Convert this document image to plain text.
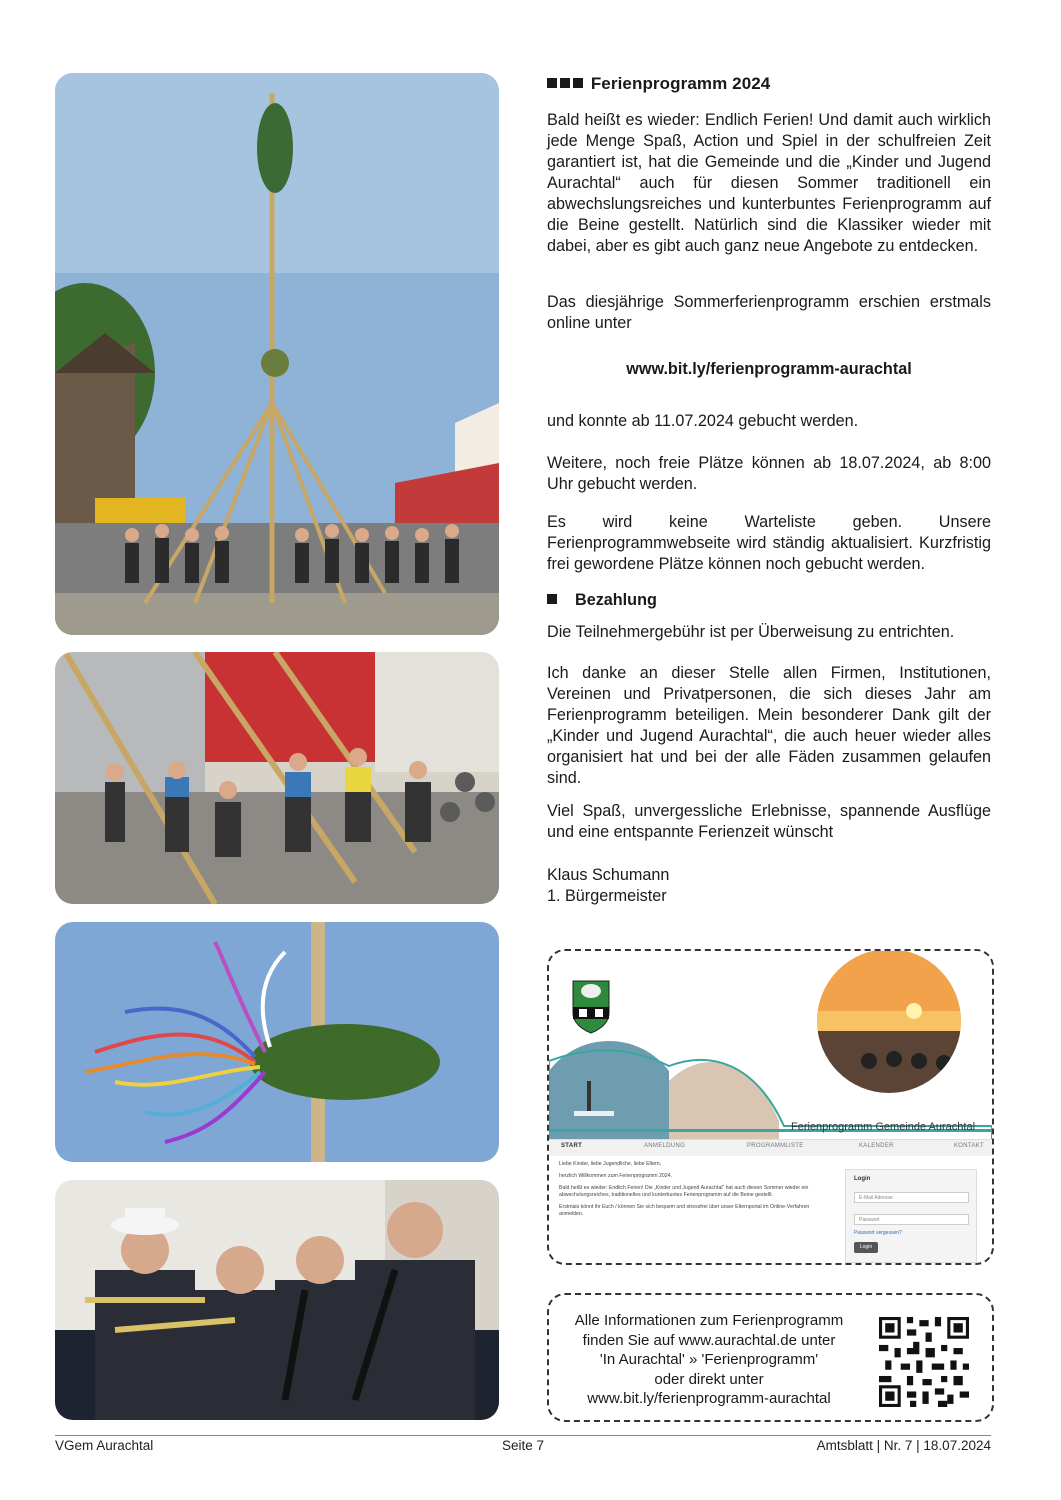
Ferienprogramm 2024

Bald heißt es wieder: Endlich Ferien! Und damit auch wirklich jede Menge Spaß, Action und Spiel in der schulfreien Zeit garantiert ist, hat die Gemeinde und die „Kinder und Jugend Aurachtal“ auch für diesen Sommer traditionell ein abwechslungsreiches und kunterbuntes Ferienprogramm auf die Beine gestellt. Natürlich sind die Klassiker wieder mit dabei, aber es gibt auch ganz neue Angebote zu entdecken.

Das diesjährige Sommerferienprogramm erschien erstmals online unter

www.bit.ly/ferienprogramm-aurachtal

und konnte ab 11.07.2024 gebucht werden.

Weitere, noch freie Plätze können ab 18.07.2024, ab 8:00 Uhr gebucht werden.

Es wird keine Warteliste geben. Unsere Ferienprogrammwebseite wird ständig aktualisiert. Kurzfristig frei gewordene Plätze können noch gebucht werden.

Bezahlung

Die Teilnehmergebühr ist per Überweisung zu entrichten.

Ich danke an dieser Stelle allen Firmen, Institutionen, Vereinen und Privatpersonen, die sich dieses Jahr am Ferienprogramm beteiligen. Mein besonderer Dank gilt der „Kinder und Jugend Aurachtal“, die auch heuer wieder alles organisiert hat und bei der alle Fäden zusammen gelaufen sind.

Viel Spaß, unvergessliche Erlebnisse, spannende Ausflüge und eine entspannte Ferienzeit wünscht

Klaus Schumann
1. Bürgermeister
Ferienprogramm Gemeinde Aurachtal
START	ANMELDUNG	PROGRAMMLISTE	KALENDER	KONTAKT
Liebe Kinder, liebe Jugendliche, liebe Eltern,
herzlich Willkommen zum Ferienprogramm 2024.
Bald heißt es wieder: Endlich Ferien! Die „Kinder und Jugend Aurachtal“ hat auch diesen Sommer wieder ein abwechslungsreiches, traditionelles und kunterbuntes Ferienprogramm auf die Beine gestellt.
Erstmals könnt ihr Euch / können Sie sich bequem und stressfrei über unser Elternportal im Online-Verfahren anmelden.
Login
E-Mail Adresse
Passwort
Passwort vergessen?
Login
Alle Informationen zum Ferienprogramm
finden Sie auf www.aurachtal.de unter
'In Aurachtal' » 'Ferienprogramm'
oder direkt unter
www.bit.ly/ferienprogramm-aurachtal
VGem Aurachtal	Seite 7	Amtsblatt | Nr. 7 | 18.07.2024
